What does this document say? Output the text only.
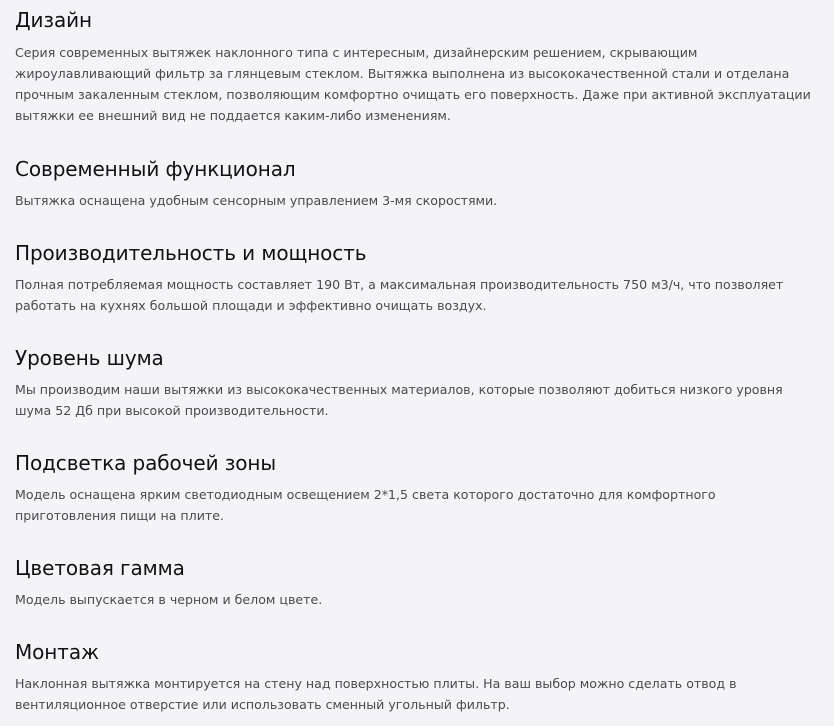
Дизайн

Серия современных вытяжек наклонного типа с интересным, дизайнерским решением, скрывающим жироулавливающий фильтр за глянцевым стеклом. Вытяжка выполнена из высококачественной стали и отделана прочным закаленным стеклом, позволяющим комфортно очищать его поверхность. Даже при активной эксплуатации вытяжки ее внешний вид не поддается каким-либо изменениям.

Современный функционал

Вытяжка оснащена удобным сенсорным управлением 3-мя скоростями.

Производительность и мощность

Полная потребляемая мощность составляет 190 Вт, а максимальная производительность 750 м3/ч, что позволяет работать на кухнях большой площади и эффективно очищать воздух.

Уровень шума

Мы производим наши вытяжки из высококачественных материалов, которые позволяют добиться низкого уровня шума 52 Дб при высокой производительности.

Подсветка рабочей зоны

Модель оснащена ярким светодиодным освещением 2*1,5 света которого достаточно для комфортного приготовления пищи на плите.

Цветовая гамма

Модель выпускается в черном и белом цвете.

Монтаж

Наклонная вытяжка монтируется на стену над поверхностью плиты. На ваш выбор можно сделать отвод в вентиляционное отверстие или использовать сменный угольный фильтр.
